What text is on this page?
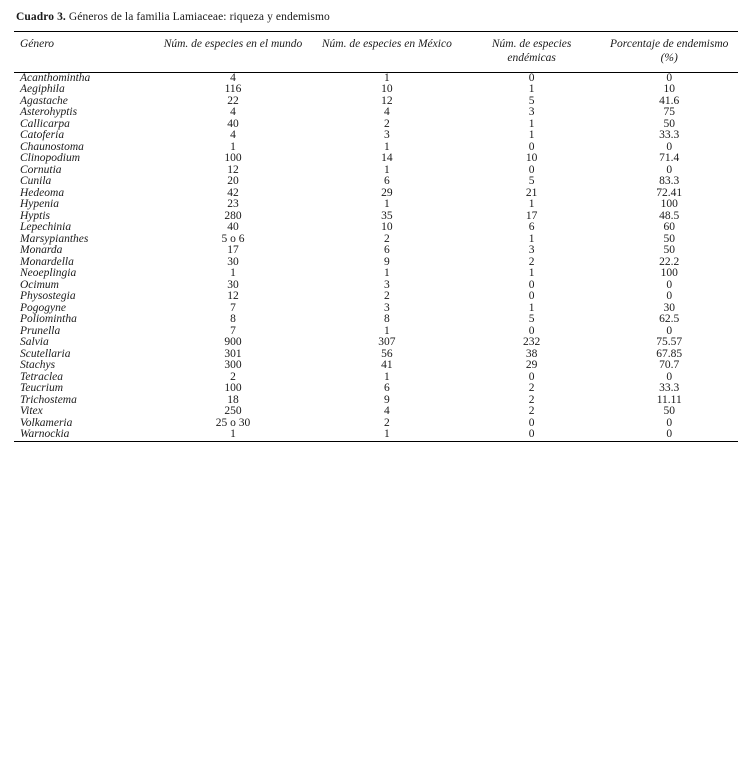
Cuadro 3. Géneros de la familia Lamiaceae: riqueza y endemismo
Género	Núm. de especies en el mundo	Núm. de especies en México	Núm. de especies endémicas	Porcentaje de endemismo (%)
Acanthomintha	4	1	0	0
Aegiphila	116	10	1	10
Agastache	22	12	5	41.6
Asterohyptis	4	4	3	75
Callicarpa	40	2	1	50
Catoferia	4	3	1	33.3
Chaunostoma	1	1	0	0
Clinopodium	100	14	10	71.4
Cornutia	12	1	0	0
Cunila	20	6	5	83.3
Hedeoma	42	29	21	72.41
Hypenia	23	1	1	100
Hyptis	280	35	17	48.5
Lepechinia	40	10	6	60
Marsypianthes	5 o 6	2	1	50
Monarda	17	6	3	50
Monardella	30	9	2	22.2
Neoeplingia	1	1	1	100
Ocimum	30	3	0	0
Physostegia	12	2	0	0
Pogogyne	7	3	1	30
Poliomintha	8	8	5	62.5
Prunella	7	1	0	0
Salvia	900	307	232	75.57
Scutellaria	301	56	38	67.85
Stachys	300	41	29	70.7
Tetraclea	2	1	0	0
Teucrium	100	6	2	33.3
Trichostema	18	9	2	11.11
Vitex	250	4	2	50
Volkameria	25 o 30	2	0	0
Warnockia	1	1	0	0
